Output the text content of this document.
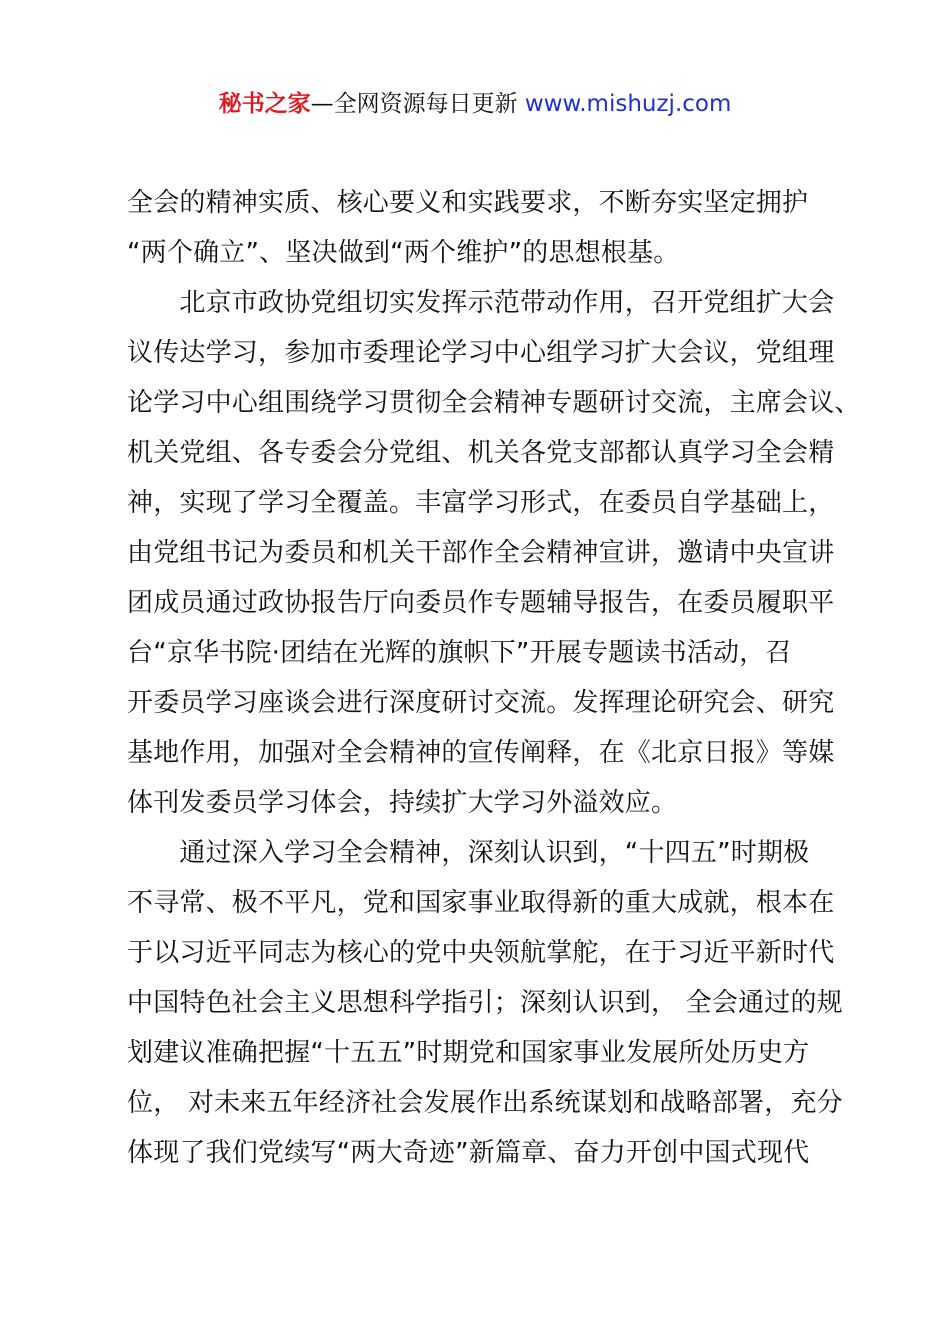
秘书之家—全网资源每日更新 www.mishuzj.com
全会的精神实质、核心要义和实践要求，不断夯实坚定拥护
“两个确立”、坚决做到“两个维护”的思想根基。
　　北京市政协党组切实发挥示范带动作用，召开党组扩大会
议传达学习，参加市委理论学习中心组学习扩大会议，党组理
论学习中心组围绕学习贯彻全会精神专题研讨交流，主席会议、
机关党组、各专委会分党组、机关各党支部都认真学习全会精
神，实现了学习全覆盖。丰富学习形式，在委员自学基础上，
由党组书记为委员和机关干部作全会精神宣讲，邀请中央宣讲
团成员通过政协报告厅向委员作专题辅导报告，在委员履职平
台“京华书院·团结在光辉的旗帜下”开展专题读书活动，召
开委员学习座谈会进行深度研讨交流。发挥理论研究会、研究
基地作用，加强对全会精神的宣传阐释，在《北京日报》等媒
体刊发委员学习体会，持续扩大学习外溢效应。
　　通过深入学习全会精神，深刻认识到，“十四五”时期极
不寻常、极不平凡，党和国家事业取得新的重大成就，根本在
于以习近平同志为核心的党中央领航掌舵，在于习近平新时代
中国特色社会主义思想科学指引；深刻认识到， 全会通过的规
划建议准确把握“十五五”时期党和国家事业发展所处历史方
位， 对未来五年经济社会发展作出系统谋划和战略部署，充分
体现了我们党续写“两大奇迹”新篇章、奋力开创中国式现代
